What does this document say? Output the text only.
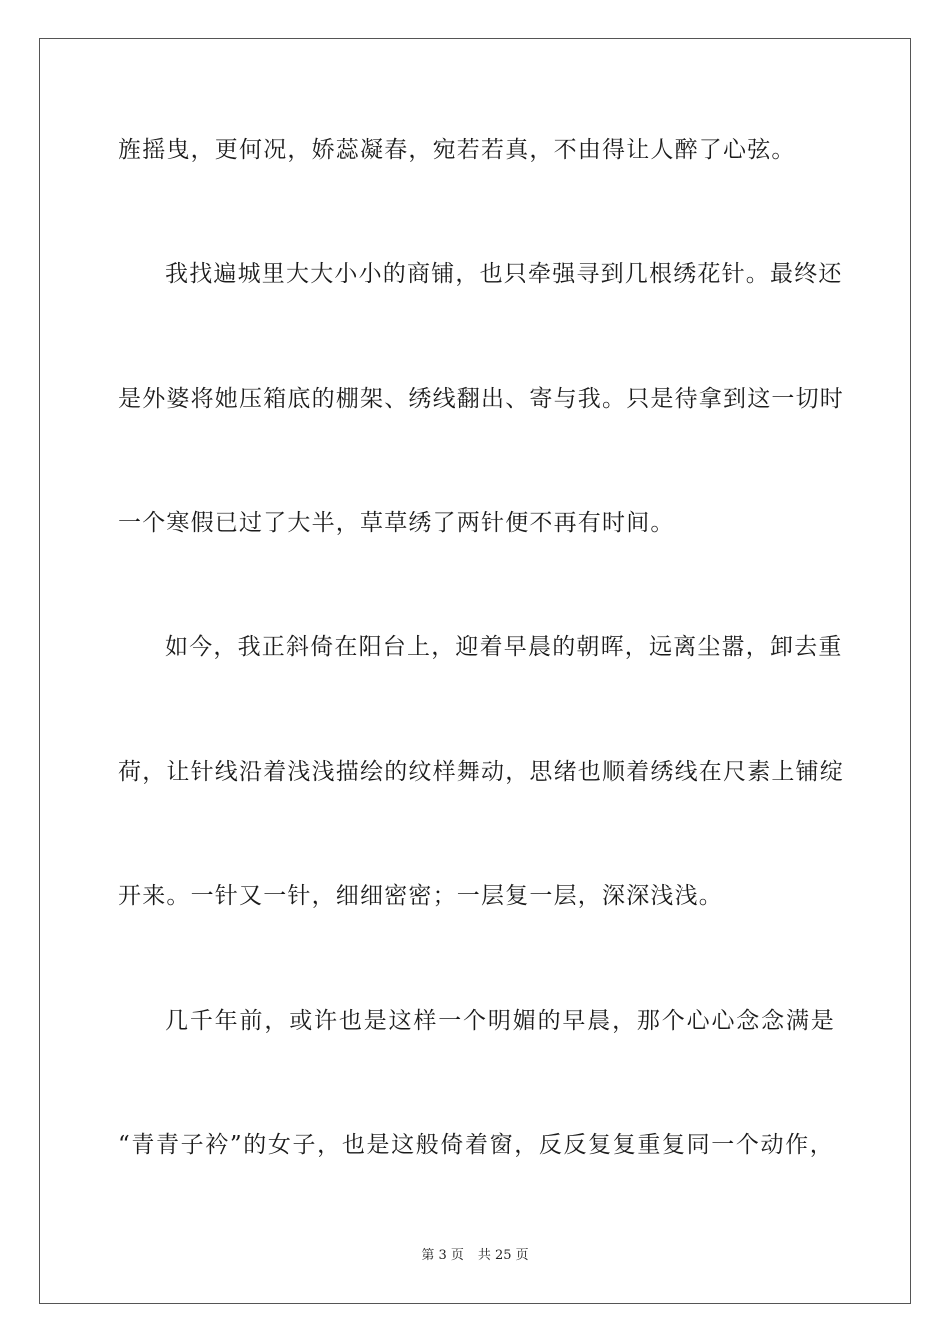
旌摇曳，更何况，娇蕊凝春，宛若若真，不由得让人醉了心弦。
我找遍城里大大小小的商铺，也只牵强寻到几根绣花针。最终还
是外婆将她压箱底的棚架、绣线翻出、寄与我。只是待拿到这一切时
一个寒假已过了大半，草草绣了两针便不再有时间。
如今，我正斜倚在阳台上，迎着早晨的朝晖，远离尘嚣，卸去重
荷，让针线沿着浅浅描绘的纹样舞动，思绪也顺着绣线在尺素上铺绽
开来。一针又一针，细细密密；一层复一层，深深浅浅。
几千年前，或许也是这样一个明媚的早晨，那个心心念念满是
“青青子衿”的女子，也是这般倚着窗，反反复复重复同一个动作，
第 3 页 共 25 页
